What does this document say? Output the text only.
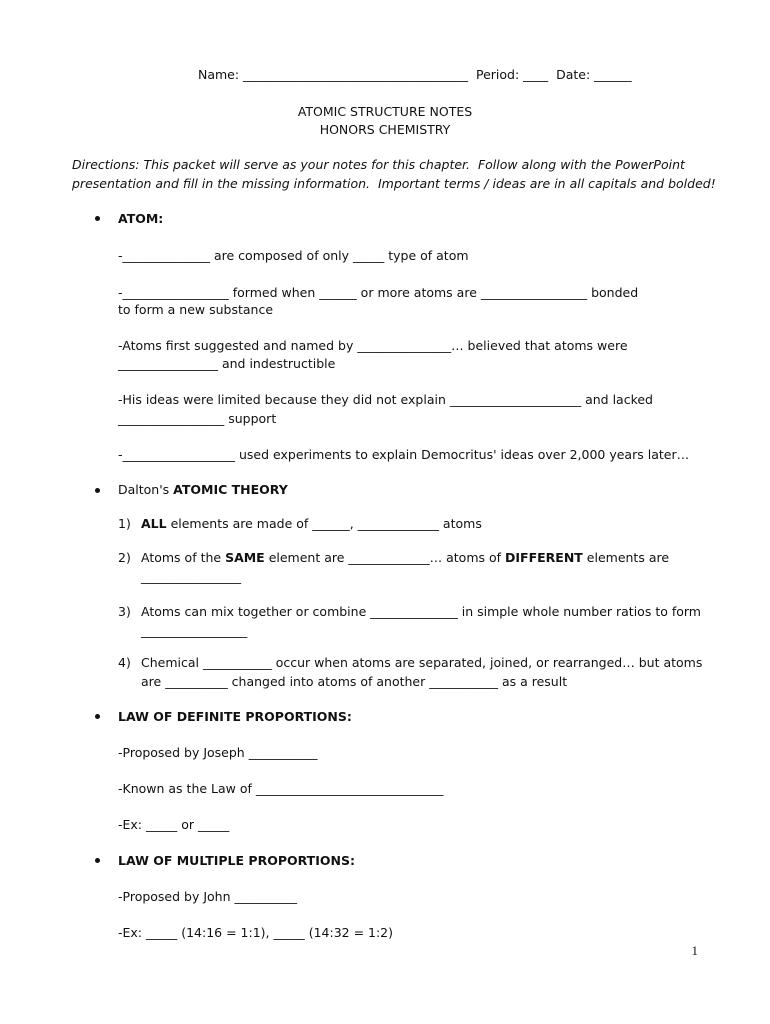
Name: ____________________________________  Period: ____  Date: ______
ATOMIC STRUCTURE NOTES
HONORS CHEMISTRY
Directions: This packet will serve as your notes for this chapter.  Follow along with the PowerPoint
presentation and fill in the missing information.  Important terms / ideas are in all capitals and bolded!
ATOM:
-______________ are composed of only _____ type of atom
-_________________ formed when ______ or more atoms are _________________ bonded
to form a new substance
-Atoms first suggested and named by _______________… believed that atoms were
________________ and indestructible
-His ideas were limited because they did not explain _____________________ and lacked
_________________ support
-__________________ used experiments to explain Democritus' ideas over 2,000 years later…
Dalton's ATOMIC THEORY
1) ALL elements are made of ______, _____________ atoms
2) Atoms of the SAME element are _____________… atoms of DIFFERENT elements are
________________
3) Atoms can mix together or combine ______________ in simple whole number ratios to form
_________________
4) Chemical ___________ occur when atoms are separated, joined, or rearranged… but atoms
are __________ changed into atoms of another ___________ as a result
LAW OF DEFINITE PROPORTIONS:
-Proposed by Joseph ___________
-Known as the Law of ______________________________
-Ex: _____ or _____
LAW OF MULTIPLE PROPORTIONS:
-Proposed by John __________
-Ex: _____ (14:16 = 1:1), _____ (14:32 = 1:2)
1
